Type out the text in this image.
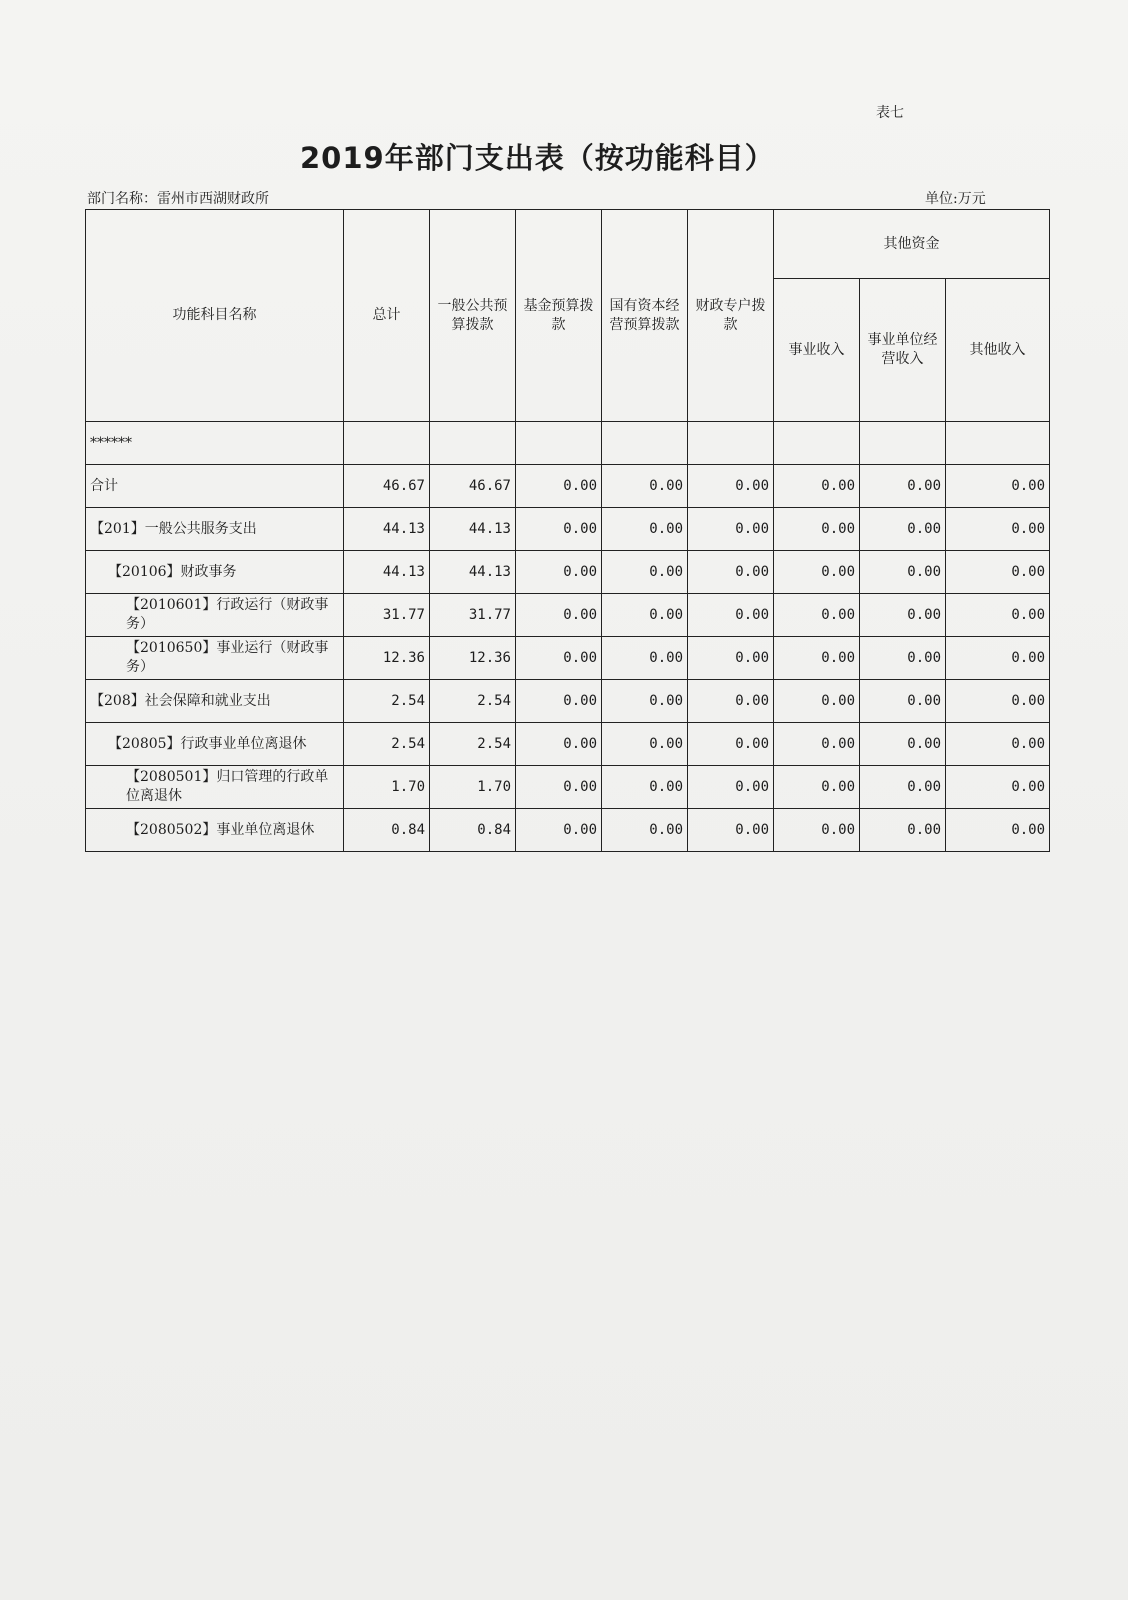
表七
2019年部门支出表（按功能科目）
部门名称：雷州市西湖财政所	单位:万元
功能科目名称	总计	一般公共预算拨款	基金预算拨款	国有资本经营预算拨款	财政专户拨款	其他资金		
						事业收入	事业单位经营收入	其他收入
******								
合计	46.67	46.67	0.00	0.00	0.00	0.00	0.00	0.00
【201】一般公共服务支出	44.13	44.13	0.00	0.00	0.00	0.00	0.00	0.00
【20106】财政事务	44.13	44.13	0.00	0.00	0.00	0.00	0.00	0.00
【2010601】行政运行（财政事务）	31.77	31.77	0.00	0.00	0.00	0.00	0.00	0.00
【2010650】事业运行（财政事务）	12.36	12.36	0.00	0.00	0.00	0.00	0.00	0.00
【208】社会保障和就业支出	2.54	2.54	0.00	0.00	0.00	0.00	0.00	0.00
【20805】行政事业单位离退休	2.54	2.54	0.00	0.00	0.00	0.00	0.00	0.00
【2080501】归口管理的行政单位离退休	1.70	1.70	0.00	0.00	0.00	0.00	0.00	0.00
【2080502】事业单位离退休	0.84	0.84	0.00	0.00	0.00	0.00	0.00	0.00
